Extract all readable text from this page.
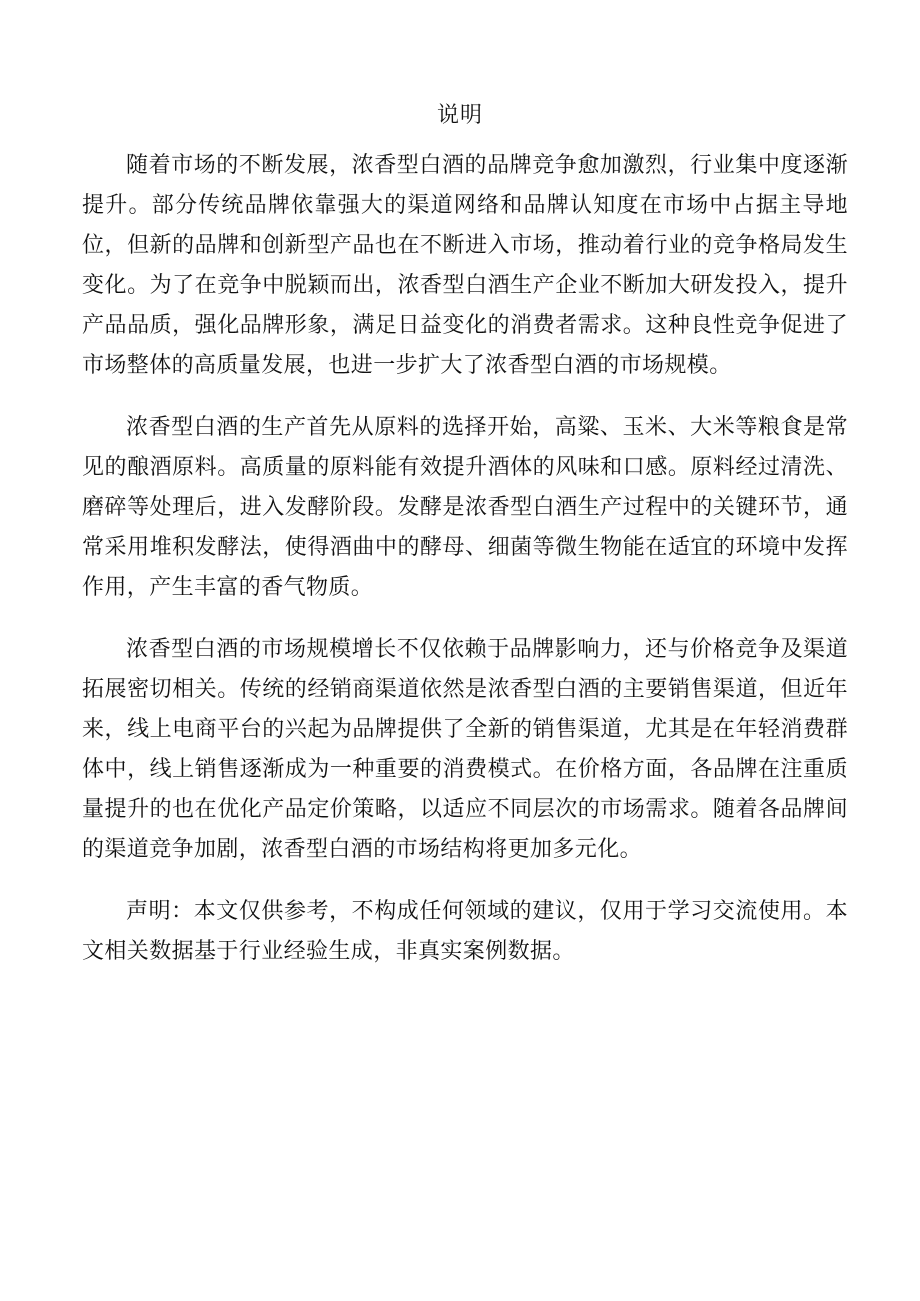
说明

随着市场的不断发展，浓香型白酒的品牌竞争愈加激烈，行业集中度逐渐提升。部分传统品牌依靠强大的渠道网络和品牌认知度在市场中占据主导地位，但新的品牌和创新型产品也在不断进入市场，推动着行业的竞争格局发生变化。为了在竞争中脱颖而出，浓香型白酒生产企业不断加大研发投入，提升产品品质，强化品牌形象，满足日益变化的消费者需求。这种良性竞争促进了市场整体的高质量发展，也进一步扩大了浓香型白酒的市场规模。

浓香型白酒的生产首先从原料的选择开始，高粱、玉米、大米等粮食是常见的酿酒原料。高质量的原料能有效提升酒体的风味和口感。原料经过清洗、磨碎等处理后，进入发酵阶段。发酵是浓香型白酒生产过程中的关键环节，通常采用堆积发酵法，使得酒曲中的酵母、细菌等微生物能在适宜的环境中发挥作用，产生丰富的香气物质。

浓香型白酒的市场规模增长不仅依赖于品牌影响力，还与价格竞争及渠道拓展密切相关。传统的经销商渠道依然是浓香型白酒的主要销售渠道，但近年来，线上电商平台的兴起为品牌提供了全新的销售渠道，尤其是在年轻消费群体中，线上销售逐渐成为一种重要的消费模式。在价格方面，各品牌在注重质量提升的也在优化产品定价策略，以适应不同层次的市场需求。随着各品牌间的渠道竞争加剧，浓香型白酒的市场结构将更加多元化。

声明：本文仅供参考，不构成任何领域的建议，仅用于学习交流使用。本文相关数据基于行业经验生成，非真实案例数据。
